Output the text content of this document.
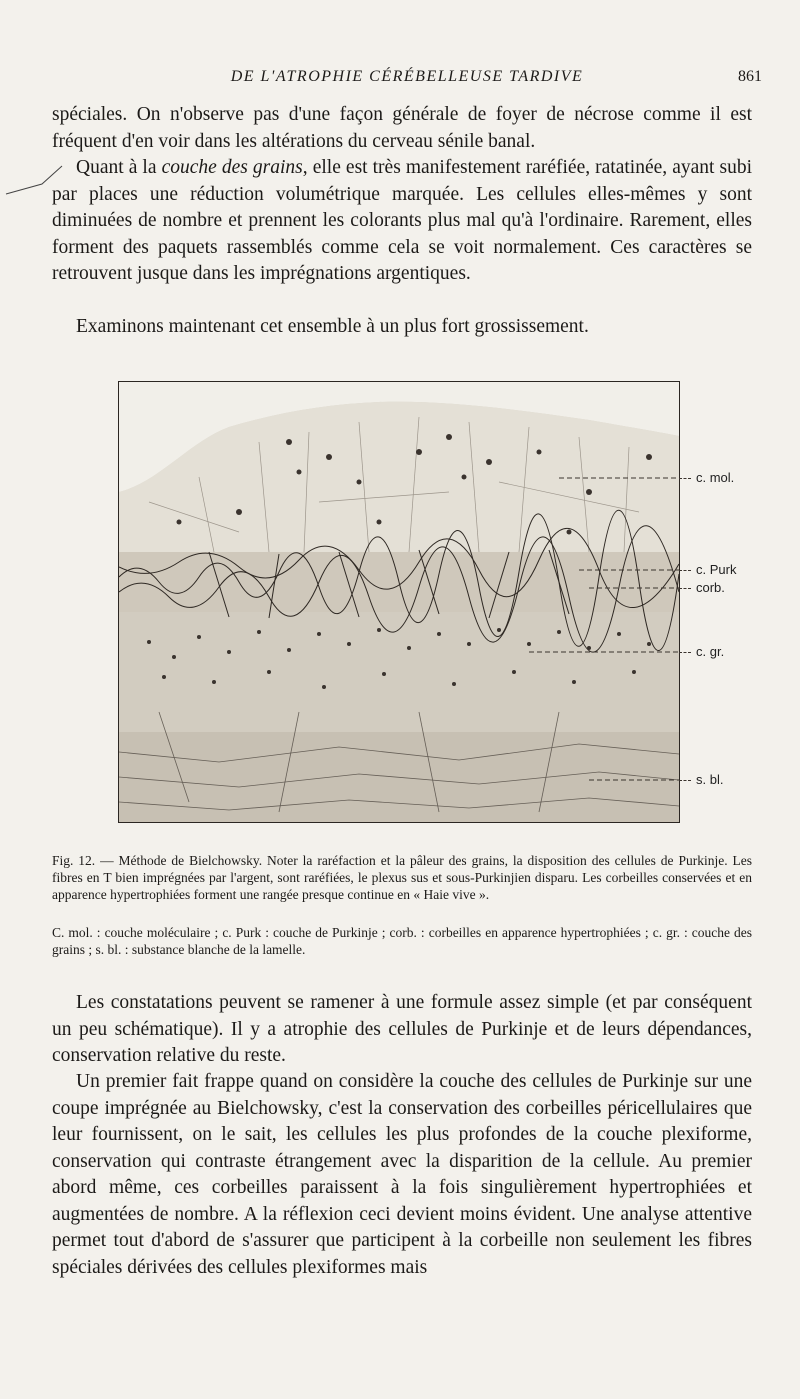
DE L'ATROPHIE CÉRÉBELLEUSE TARDIVE	861

spéciales. On n'observe pas d'une façon générale de foyer de nécrose comme il est fréquent d'en voir dans les altérations du cerveau sénile banal.

Quant à la couche des grains, elle est très manifestement raréfiée, ratatinée, ayant subi par places une réduction volumétrique marquée. Les cellules elles-mêmes y sont diminuées de nombre et prennent les colorants plus mal qu'à l'ordinaire. Rarement, elles forment des paquets rassemblés comme cela se voit normalement. Ces caractères se retrouvent jusque dans les imprégnations argentiques.

Examinons maintenant cet ensemble à un plus fort grossissement.

c. mol.
c. Purk
corb.
c. gr.
s. bl.

Fig. 12. — Méthode de Bielchowsky. Noter la raréfaction et la pâleur des grains, la disposition des cellules de Purkinje. Les fibres en T bien imprégnées par l'argent, sont raréfiées, le plexus sus et sous-Purkinjien disparu. Les corbeilles conservées et en apparence hypertrophiées forment une rangée presque continue en « Haie vive ».

C. mol. : couche moléculaire ; c. Purk : couche de Purkinje ; corb. : corbeilles en apparence hypertrophiées ; c. gr. : couche des grains ; s. bl. : substance blanche de la lamelle.

Les constatations peuvent se ramener à une formule assez simple (et par conséquent un peu schématique). Il y a atrophie des cellules de Purkinje et de leurs dépendances, conservation relative du reste.

Un premier fait frappe quand on considère la couche des cellules de Purkinje sur une coupe imprégnée au Bielchowsky, c'est la conservation des corbeilles péricellulaires que leur fournissent, on le sait, les cellules les plus profondes de la couche plexiforme, conservation qui contraste étrangement avec la disparition de la cellule. Au premier abord même, ces corbeilles paraissent à la fois singulièrement hypertrophiées et augmentées de nombre. A la réflexion ceci devient moins évident. Une analyse attentive permet tout d'abord de s'assurer que participent à la corbeille non seulement les fibres spéciales dérivées des cellules plexiformes mais
